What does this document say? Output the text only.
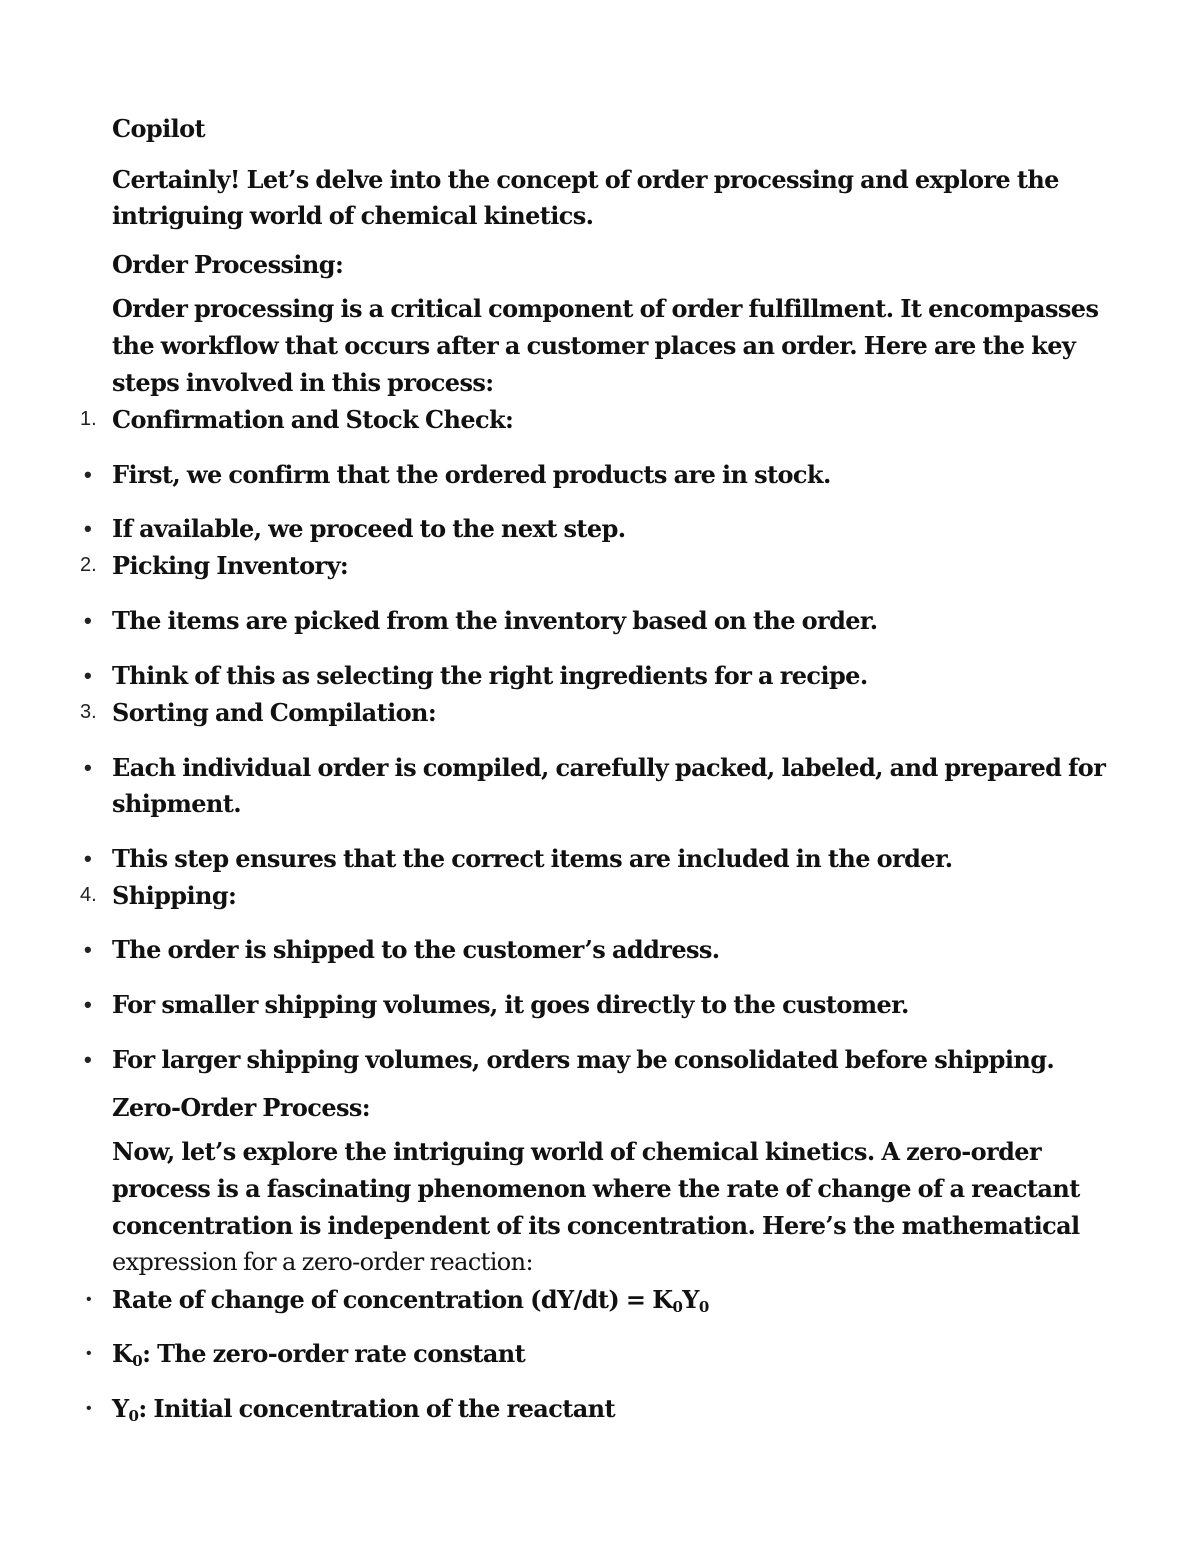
Copilot
Certainly! Let’s delve into the concept of order processing and explore the
intriguing world of chemical kinetics.
Order Processing:
Order processing is a critical component of order fulfillment. It encompasses
the workflow that occurs after a customer places an order. Here are the key
steps involved in this process:
1. Confirmation and Stock Check:
• First, we confirm that the ordered products are in stock.
• If available, we proceed to the next step.
2. Picking Inventory:
• The items are picked from the inventory based on the order.
• Think of this as selecting the right ingredients for a recipe.
3. Sorting and Compilation:
• Each individual order is compiled, carefully packed, labeled, and prepared for
shipment.
• This step ensures that the correct items are included in the order.
4. Shipping:
• The order is shipped to the customer’s address.
• For smaller shipping volumes, it goes directly to the customer.
• For larger shipping volumes, orders may be consolidated before shipping.
Zero-Order Process:
Now, let’s explore the intriguing world of chemical kinetics. A zero-order
process is a fascinating phenomenon where the rate of change of a reactant
concentration is independent of its concentration. Here’s the mathematical
expression for a zero-order reaction:
• Rate of change of concentration $(dY/dt) = K_0Y_0$
• $K_0$: The zero-order rate constant
• $Y_0$: Initial concentration of the reactant
